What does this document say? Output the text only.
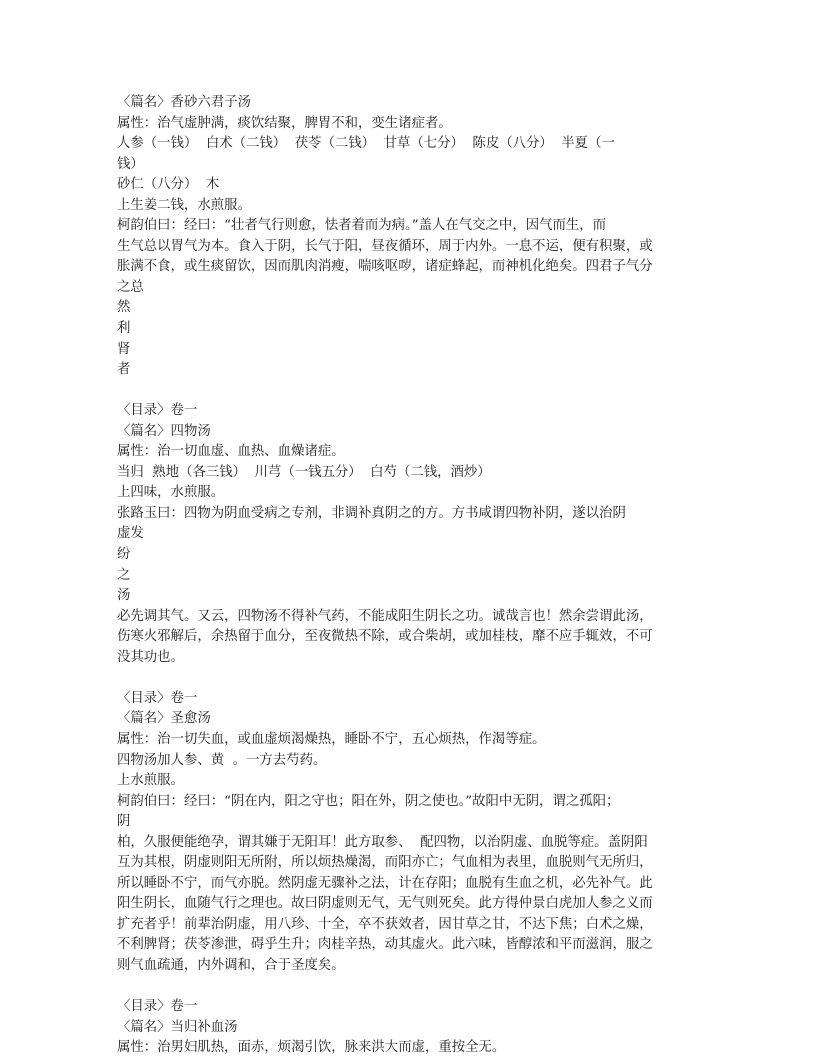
〈篇名〉香砂六君子汤
属性：治气虚肿满，痰饮结聚，脾胃不和，变生诸症者。
人参（一钱）  白术（二钱）  茯苓（二钱）  甘草（七分）  陈皮（八分）  半夏（一
钱）
砂仁（八分）  木
上生姜二钱，水煎服。
柯韵伯曰：经曰：“壮者气行则愈，怯者着而为病。”盖人在气交之中，因气而生，而
生气总以胃气为本。食入于阴，长气于阳，昼夜循环，周于内外。一息不运，便有积聚，或
胀满不食，或生痰留饮，因而肌肉消瘦，喘咳呕哕，诸症蜂起，而神机化绝矣。四君子气分
之总
然
利
肾
者
〈目录〉卷一
〈篇名〉四物汤
属性：治一切血虚、血热、血燥诸症。
当归  熟地（各三钱）  川芎（一钱五分）  白芍（二钱，酒炒）
上四味，水煎服。
张路玉曰：四物为阴血受病之专剂，非调补真阴之的方。方书咸谓四物补阴，遂以治阴
虚发
纷
之
汤
必先调其气。又云，四物汤不得补气药，不能成阳生阴长之功。诚哉言也！然余尝谓此汤，
伤寒火邪解后，余热留于血分，至夜微热不除，或合柴胡，或加桂枝，靡不应手辄效，不可
没其功也。
〈目录〉卷一
〈篇名〉圣愈汤
属性：治一切失血，或血虚烦渴燥热，睡卧不宁，五心烦热，作渴等症。
四物汤加人参、黄  。一方去芍药。
上水煎服。
柯韵伯曰：经曰：“阴在内，阳之守也；阳在外，阴之使也。”故阳中无阴，谓之孤阳；
阴
柏，久服便能绝孕，谓其嫌于无阳耳！此方取参、  配四物，以治阴虚、血脱等症。盖阴阳
互为其根，阴虚则阳无所附，所以烦热燥渴，而阳亦亡；气血相为表里，血脱则气无所归，
所以睡卧不宁，而气亦脱。然阴虚无骤补之法，计在存阳；血脱有生血之机，必先补气。此
阳生阴长，血随气行之理也。故曰阴虚则无气，无气则死矣。此方得仲景白虎加人参之义而
扩充者乎！前辈治阴虚，用八珍、十全，卒不获效者，因甘草之甘，不达下焦；白术之燥，
不利脾肾；茯苓渗泄，碍乎生升；肉桂辛热，动其虚火。此六味，皆醇浓和平而滋润，服之
则气血疏通，内外调和，合于圣度矣。
〈目录〉卷一
〈篇名〉当归补血汤
属性：治男妇肌热，面赤，烦渴引饮，脉来洪大而虚，重按全无。
